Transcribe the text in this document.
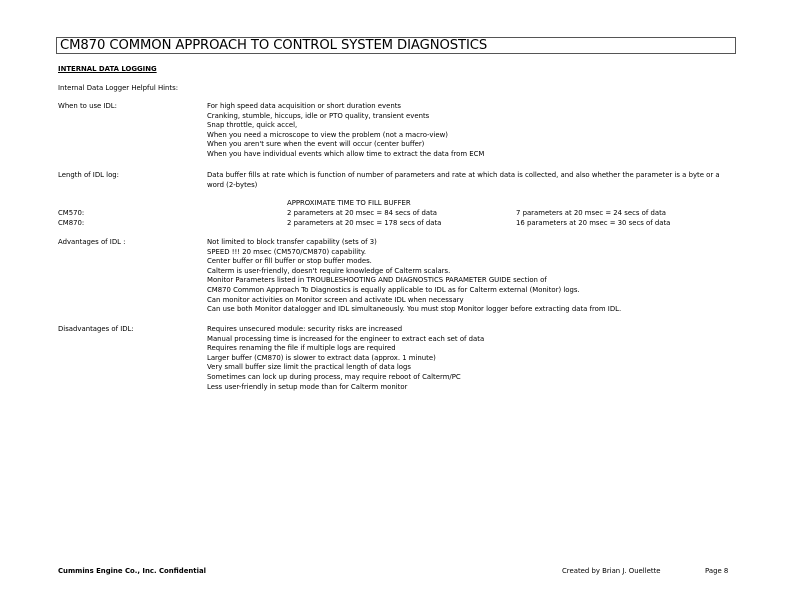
CM870 COMMON APPROACH TO CONTROL SYSTEM DIAGNOSTICS
INTERNAL DATA LOGGING
Internal Data Logger Helpful Hints:
When to use IDL:	For high speed data acquisition or short duration events
Cranking, stumble, hiccups, idle or PTO quality, transient events
Snap throttle, quick accel,
When you need a microscope to view the problem (not a macro-view)
When you aren't sure when the event will occur (center buffer)
When you have individual events which allow time to extract the data from ECM
Length of IDL log:	Data buffer fills at rate which is function of number of parameters and rate at which data is collected, and also whether the parameter is a byte or a word (2-bytes)
APPROXIMATE TIME TO FILL BUFFER
CM570:	2 parameters at 20 msec = 84 secs of data	7 parameters at 20 msec = 24 secs of data
CM870:	2 parameters at 20 msec = 178 secs of data	16 parameters at 20 msec = 30 secs of data
Advantages of IDL :	Not limited to block transfer capability (sets of 3)
SPEED !!! 20 msec (CM570/CM870) capability.
Center buffer or fill buffer or stop buffer modes.
Calterm is user-friendly, doesn't require knowledge of Calterm scalars.
Monitor Parameters listed in TROUBLESHOOTING AND DIAGNOSTICS PARAMETER GUIDE section of
CM870 Common Approach To Diagnostics is equally applicable to IDL as for Calterm external (Monitor) logs.
Can monitor activities on Monitor screen and activate IDL when necessary
Can use both Monitor datalogger and IDL simultaneously. You must stop Monitor logger before extracting data from IDL.
Disadvantages of IDL:	Requires unsecured module: security risks are increased
Manual processing time is increased for the engineer to extract each set of data
Requires renaming the file if multiple logs are required
Larger buffer (CM870) is slower to extract data (approx. 1 minute)
Very small buffer size limit the practical length of data logs
Sometimes can lock up during process, may require reboot of Calterm/PC
Less user-friendly in setup mode than for Calterm monitor
Cummins Engine Co., Inc. Confidential	Created by Brian J. Ouellette	Page 8
